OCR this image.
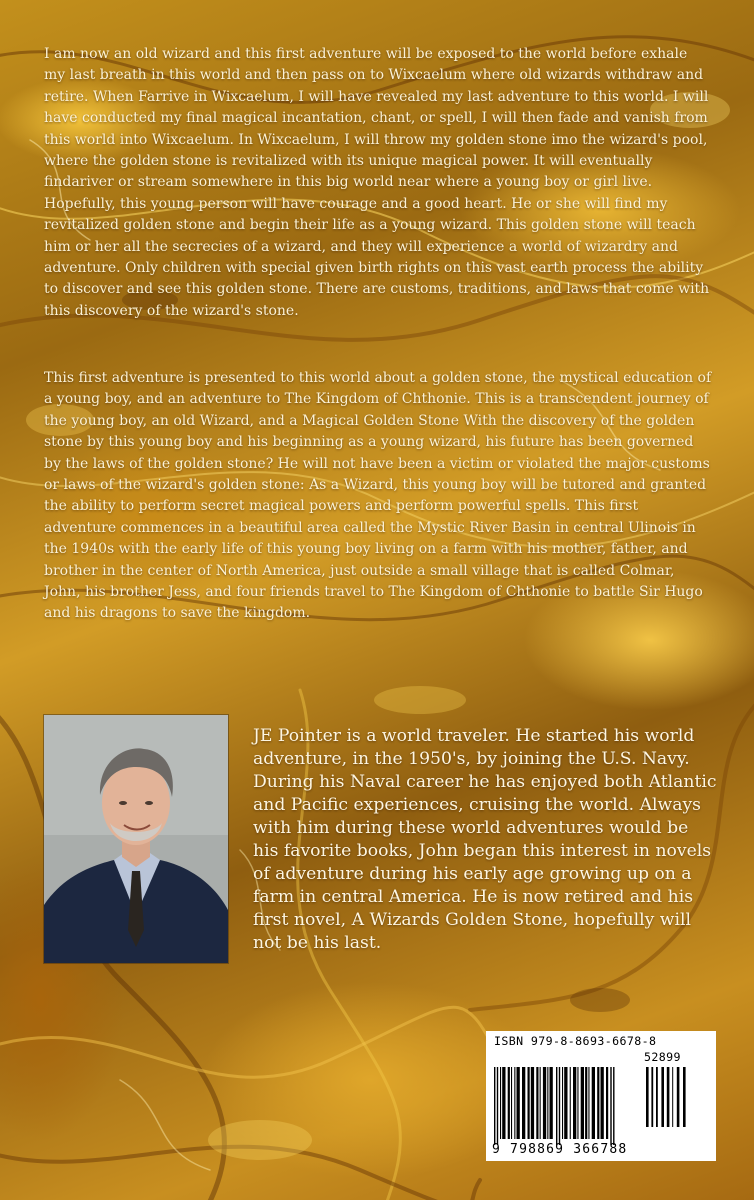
I am now an old wizard and this first adventure will be exposed to the world before exhale my last breath in this world and then pass on to Wixcaelum where old wizards withdraw and retire. When Farrive in Wixcaelum, I will have revealed my last adventure to this world. I will have conducted my final magical incantation, chant, or spell, I will then fade and vanish from this world into Wixcaelum. In Wixcaelum, I will throw my golden stone imo the wizard's pool, where the golden stone is revitalized with its unique magical power. It will eventually findariver or stream somewhere in this big world near where a young boy or girl live. Hopefully, this young person will have courage and a good heart. He or she will find my revitalized golden stone and begin their life as a young wizard. This golden stone will teach him or her all the secrecies of a wizard, and they will experience a world of wizardry and adventure. Only children with special given birth rights on this vast earth process the ability to discover and see this golden stone. There are customs, traditions, and laws that come with this discovery of the wizard's stone.

This first adventure is presented to this world about a golden stone, the mystical education of a young boy, and an adventure to The Kingdom of Chthonie. This is a transcendent journey of the young boy, an old Wizard, and a Magical Golden Stone With the discovery of the golden stone by this young boy and his beginning as a young wizard, his future has been governed by the laws of the golden stone? He will not have been a victim or violated the major customs or laws of the wizard's golden stone: As a Wizard, this young boy will be tutored and granted the ability to perform secret magical powers and perform powerful spells. This first adventure commences in a beautiful area called the Mystic River Basin in central Ulinois in the 1940s with the early life of this young boy living on a farm with his mother, father, and brother in the center of North America, just outside a small village that is called Colmar, John, his brother Jess, and four friends travel to The Kingdom of Chthonie to battle Sir Hugo and his dragons to save the kingdom.

JE Pointer is a world traveler. He started his world adventure, in the 1950's, by joining the U.S. Navy. During his Naval career he has enjoyed both Atlantic and Pacific experiences, cruising the world. Always with him during these world adventures would be his favorite books, John began this interest in novels of adventure during his early age growing up on a farm in central America. He is now retired and his first novel, A Wizards Golden Stone, hopefully will not be his last.

ISBN 979-8-8693-6678-8

52899

9 798869 366788
